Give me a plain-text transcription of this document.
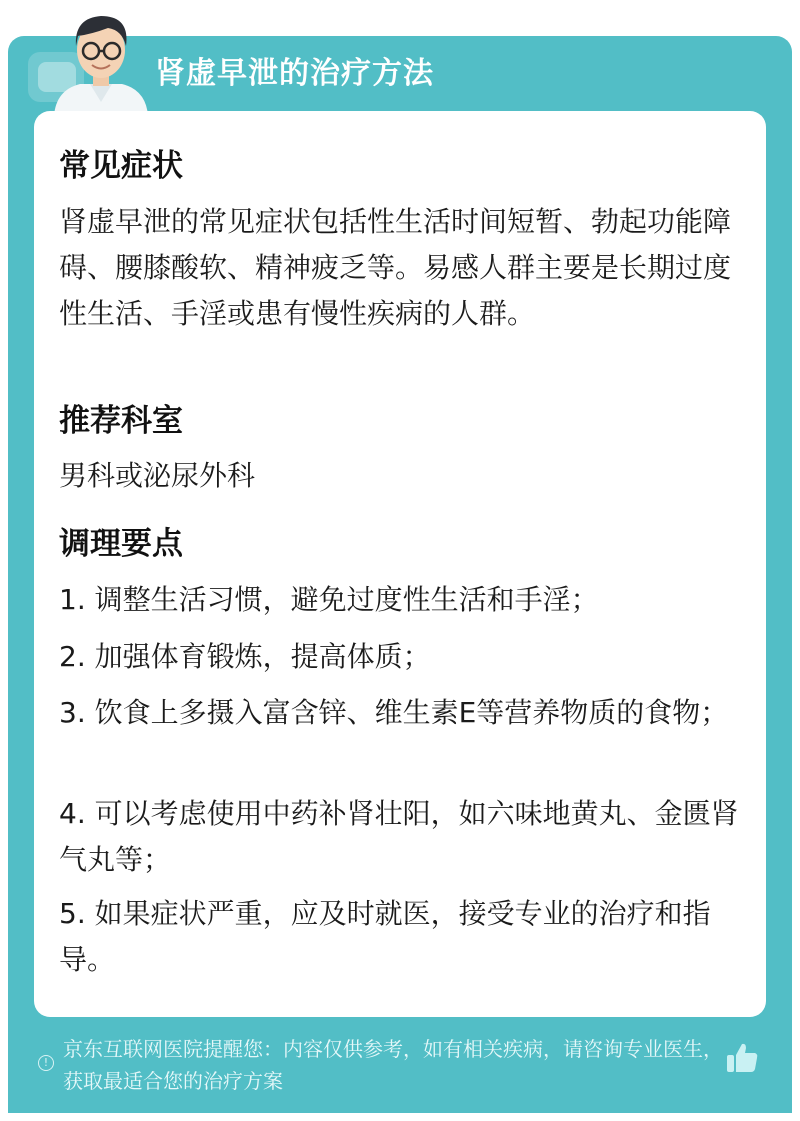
肾虚早泄的治疗方法
常见症状
肾虚早泄的常见症状包括性生活时间短暂、勃起功能障碍、腰膝酸软、精神疲乏等。易感人群主要是长期过度性生活、手淫或患有慢性疾病的人群。
推荐科室
男科或泌尿外科
调理要点
1. 调整生活习惯，避免过度性生活和手淫；
2. 加强体育锻炼，提高体质；
3. 饮食上多摄入富含锌、维生素E等营养物质的食物；
4. 可以考虑使用中药补肾壮阳，如六味地黄丸、金匮肾气丸等；
5. 如果症状严重，应及时就医，接受专业的治疗和指导。
!
京东互联网医院提醒您：内容仅供参考，如有相关疾病，请咨询专业医生，获取最适合您的治疗方案
